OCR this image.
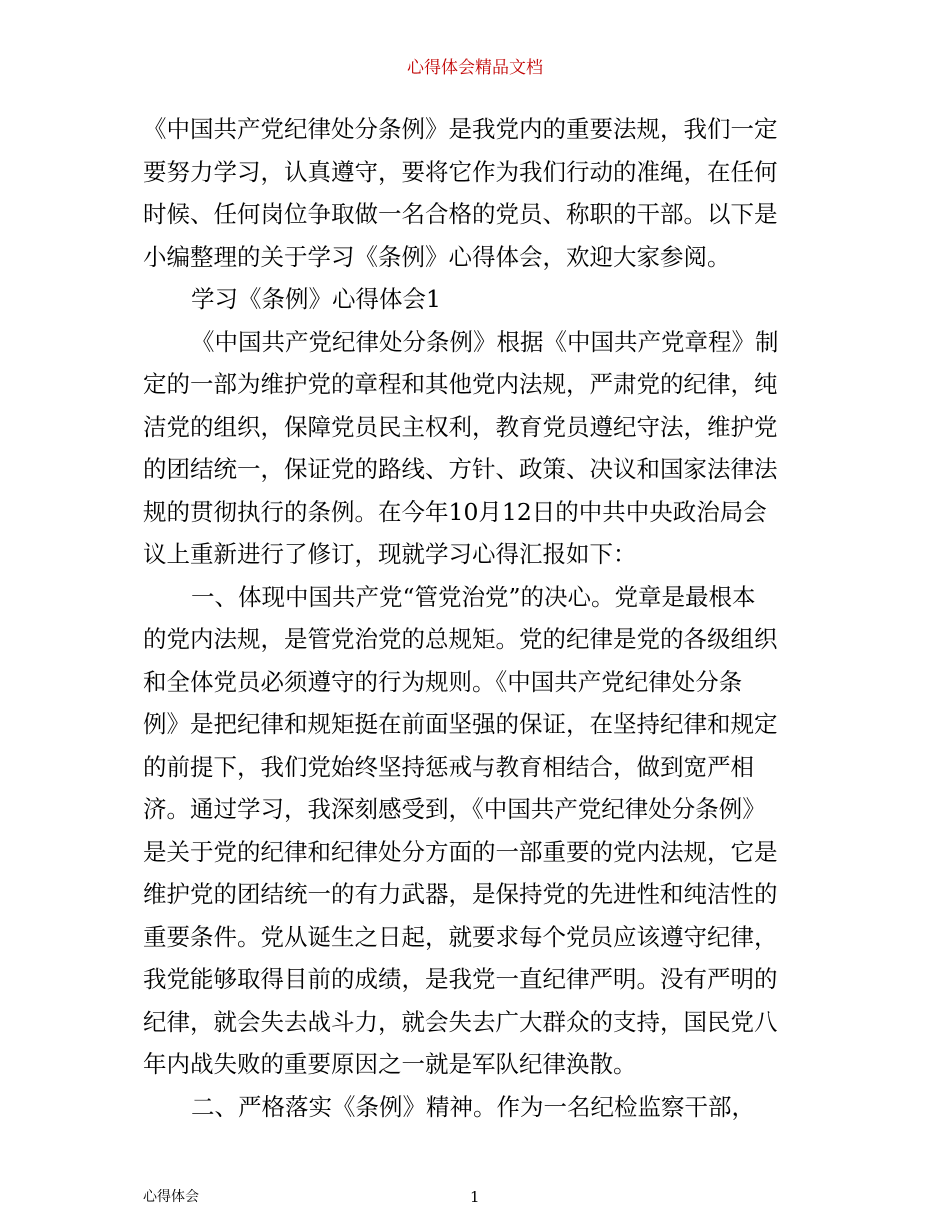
心得体会精品文档
《中国共产党纪律处分条例》是我党内的重要法规，我们一定
要努力学习，认真遵守，要将它作为我们行动的准绳，在任何
时候、任何岗位争取做一名合格的党员、称职的干部。以下是
小编整理的关于学习《条例》心得体会，欢迎大家参阅。
学习《条例》心得体会1
《中国共产党纪律处分条例》根据《中国共产党章程》制
定的一部为维护党的章程和其他党内法规，严肃党的纪律，纯
洁党的组织，保障党员民主权利，教育党员遵纪守法，维护党
的团结统一，保证党的路线、方针、政策、决议和国家法律法
规的贯彻执行的条例。在今年10月12日的中共中央政治局会
议上重新进行了修订，现就学习心得汇报如下：
一、体现中国共产党“管党治党”的决心。党章是最根本
的党内法规，是管党治党的总规矩。党的纪律是党的各级组织
和全体党员必须遵守的行为规则。《中国共产党纪律处分条
例》是把纪律和规矩挺在前面坚强的保证，在坚持纪律和规定
的前提下，我们党始终坚持惩戒与教育相结合，做到宽严相
济。通过学习，我深刻感受到，《中国共产党纪律处分条例》
是关于党的纪律和纪律处分方面的一部重要的党内法规，它是
维护党的团结统一的有力武器，是保持党的先进性和纯洁性的
重要条件。党从诞生之日起，就要求每个党员应该遵守纪律，
我党能够取得目前的成绩，是我党一直纪律严明。没有严明的
纪律，就会失去战斗力，就会失去广大群众的支持，国民党八
年内战失败的重要原因之一就是军队纪律涣散。
二、严格落实《条例》精神。作为一名纪检监察干部，
心得体会	1
